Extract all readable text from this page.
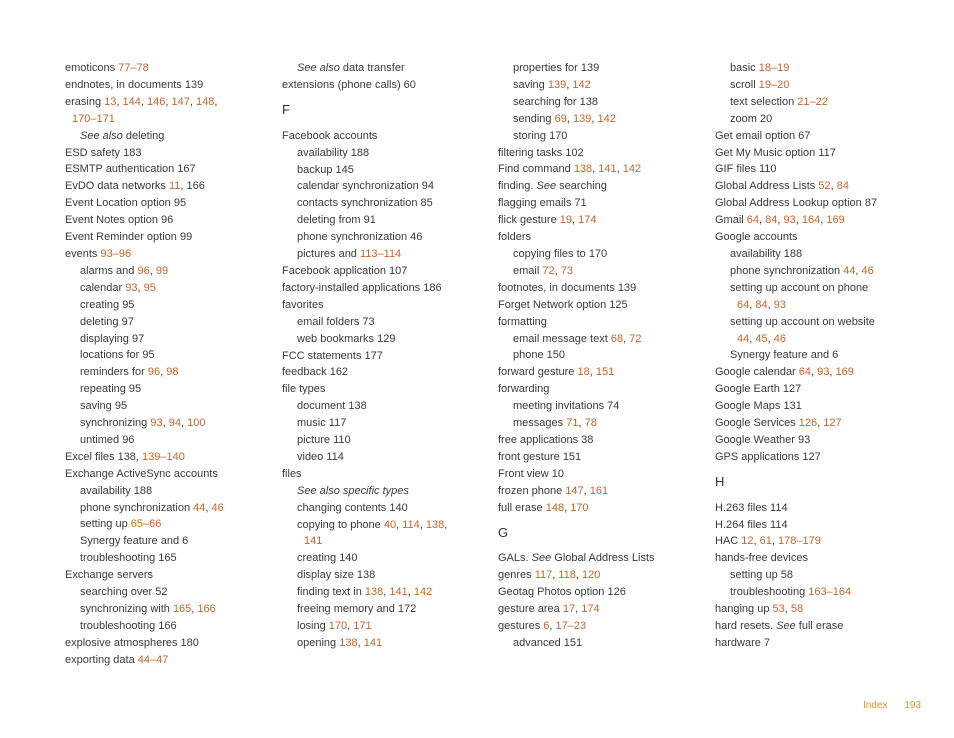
emoticons 77–78
endnotes, in documents 139
erasing 13, 144, 146, 147, 148,
170–171
See also deleting
ESD safety 183
ESMTP authentication 167
EvDO data networks 11, 166
Event Location option 95
Event Notes option 96
Event Reminder option 99
events 93–96
alarms and 96, 99
calendar 93, 95
creating 95
deleting 97
displaying 97
locations for 95
reminders for 96, 98
repeating 95
saving 95
synchronizing 93, 94, 100
untimed 96
Excel files 138, 139–140
Exchange ActiveSync accounts
availability 188
phone synchronization 44, 46
setting up 65–66
Synergy feature and 6
troubleshooting 165
Exchange servers
searching over 52
synchronizing with 165, 166
troubleshooting 166
explosive atmospheres 180
exporting data 44–47
See also data transfer
extensions (phone calls) 60
F
Facebook accounts
availability 188
backup 145
calendar synchronization 94
contacts synchronization 85
deleting from 91
phone synchronization 46
pictures and 113–114
Facebook application 107
factory-installed applications 186
favorites
email folders 73
web bookmarks 129
FCC statements 177
feedback 162
file types
document 138
music 117
picture 110
video 114
files
See also specific types
changing contents 140
copying to phone 40, 114, 138,
141
creating 140
display size 138
finding text in 138, 141, 142
freeing memory and 172
losing 170, 171
opening 138, 141
properties for 139
saving 139, 142
searching for 138
sending 69, 139, 142
storing 170
filtering tasks 102
Find command 138, 141, 142
finding. See searching
flagging emails 71
flick gesture 19, 174
folders
copying files to 170
email 72, 73
footnotes, in documents 139
Forget Network option 125
formatting
email message text 68, 72
phone 150
forward gesture 18, 151
forwarding
meeting invitations 74
messages 71, 78
free applications 38
front gesture 151
Front view 10
frozen phone 147, 161
full erase 148, 170
G
GALs. See Global Address Lists
genres 117, 118, 120
Geotag Photos option 126
gesture area 17, 174
gestures 6, 17–23
advanced 151
basic 18–19
scroll 19–20
text selection 21–22
zoom 20
Get email option 67
Get My Music option 117
GIF files 110
Global Address Lists 52, 84
Global Address Lookup option 87
Gmail 64, 84, 93, 164, 169
Google accounts
availability 188
phone synchronization 44, 46
setting up account on phone
64, 84, 93
setting up account on website
44, 45, 46
Synergy feature and 6
Google calendar 64, 93, 169
Google Earth 127
Google Maps 131
Google Services 126, 127
Google Weather 93
GPS applications 127
H
H.263 files 114
H.264 files 114
HAC 12, 61, 178–179
hands-free devices
setting up 58
troubleshooting 163–164
hanging up 53, 58
hard resets. See full erase
hardware 7
Index 193
